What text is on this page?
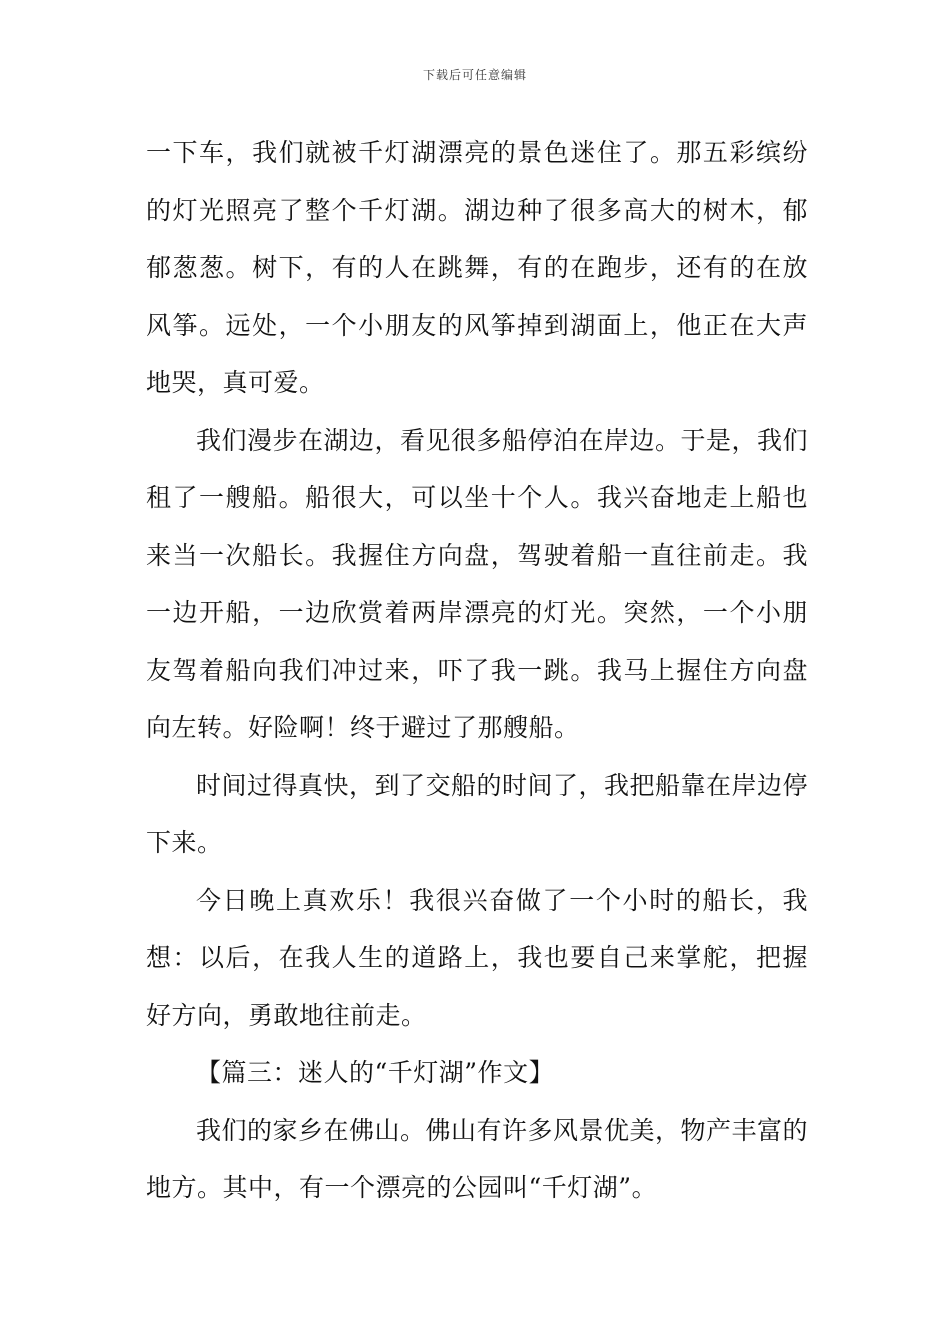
下载后可任意编辑

一下车，我们就被千灯湖漂亮的景色迷住了。那五彩缤纷的灯光照亮了整个千灯湖。湖边种了很多高大的树木，郁郁葱葱。树下，有的人在跳舞，有的在跑步，还有的在放风筝。远处，一个小朋友的风筝掉到湖面上，他正在大声地哭，真可爱。

我们漫步在湖边，看见很多船停泊在岸边。于是，我们租了一艘船。船很大，可以坐十个人。我兴奋地走上船也来当一次船长。我握住方向盘，驾驶着船一直往前走。我一边开船，一边欣赏着两岸漂亮的灯光。突然，一个小朋友驾着船向我们冲过来，吓了我一跳。我马上握住方向盘向左转。好险啊！终于避过了那艘船。

时间过得真快，到了交船的时间了，我把船靠在岸边停下来。

今日晚上真欢乐！我很兴奋做了一个小时的船长，我想：以后，在我人生的道路上，我也要自己来掌舵，把握好方向，勇敢地往前走。

【篇三：迷人的“千灯湖”作文】

我们的家乡在佛山。佛山有许多风景优美，物产丰富的地方。其中，有一个漂亮的公园叫“千灯湖”。
